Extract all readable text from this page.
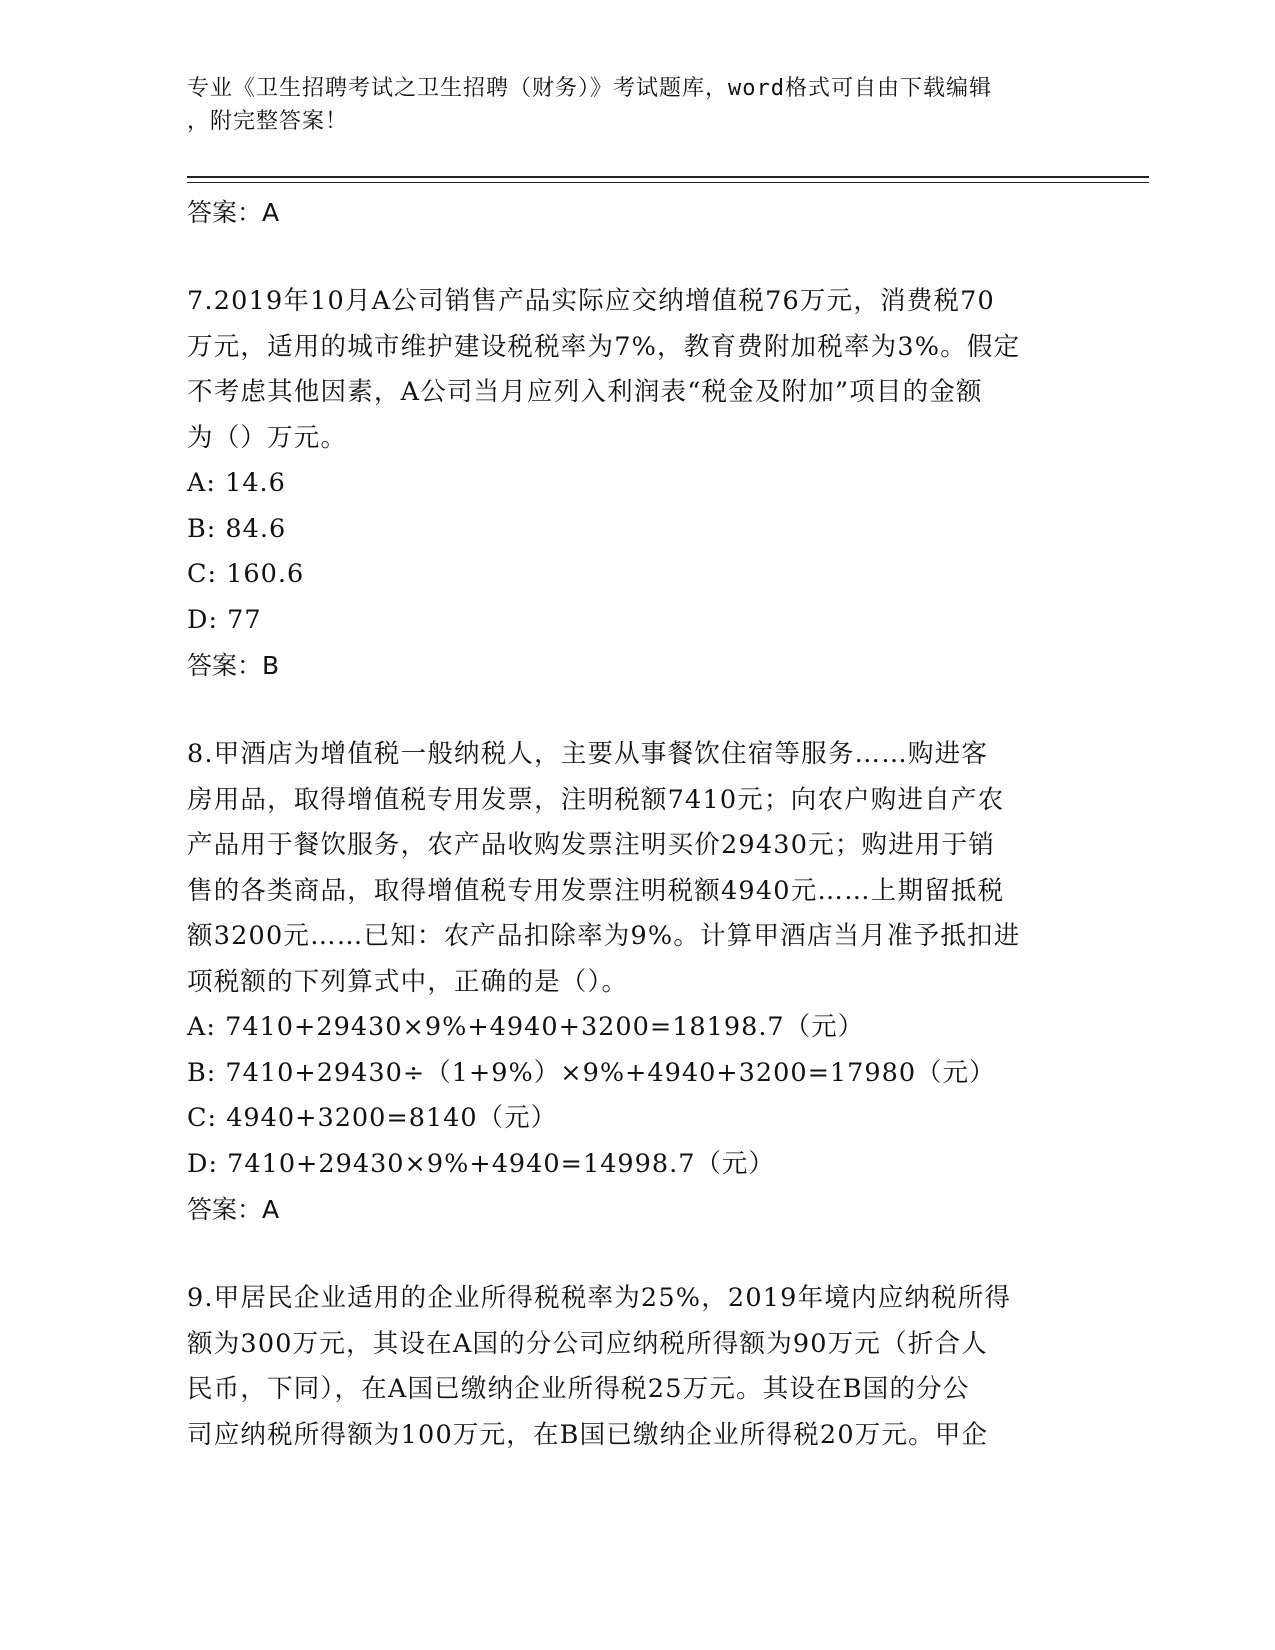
专业《卫生招聘考试之卫生招聘（财务）》考试题库，word格式可自由下载编辑
，附完整答案！
答案：A

7.2019年10月A公司销售产品实际应交纳增值税76万元，消费税70

万元，适用的城市维护建设税税率为7%，教育费附加税率为3%。假定

不考虑其他因素，A公司当月应列入利润表“税金及附加”项目的金额

为（）万元。

A: 14.6

B: 84.6

C: 160.6

D: 77

答案：B

8.甲酒店为增值税一般纳税人，主要从事餐饮住宿等服务……购进客

房用品，取得增值税专用发票，注明税额7410元；向农户购进自产农

产品用于餐饮服务，农产品收购发票注明买价29430元；购进用于销

售的各类商品，取得增值税专用发票注明税额4940元……上期留抵税

额3200元……已知：农产品扣除率为9%。计算甲酒店当月准予抵扣进

项税额的下列算式中，正确的是（）。

A: 7410+29430×9%+4940+3200=18198.7（元）

B: 7410+29430÷（1+9%）×9%+4940+3200=17980（元）

C: 4940+3200=8140（元）

D: 7410+29430×9%+4940=14998.7（元）

答案：A

9.甲居民企业适用的企业所得税税率为25%，2019年境内应纳税所得

额为300万元，其设在A国的分公司应纳税所得额为90万元（折合人

民币，下同），在A国已缴纳企业所得税25万元。其设在B国的分公

司应纳税所得额为100万元，在B国已缴纳企业所得税20万元。甲企
